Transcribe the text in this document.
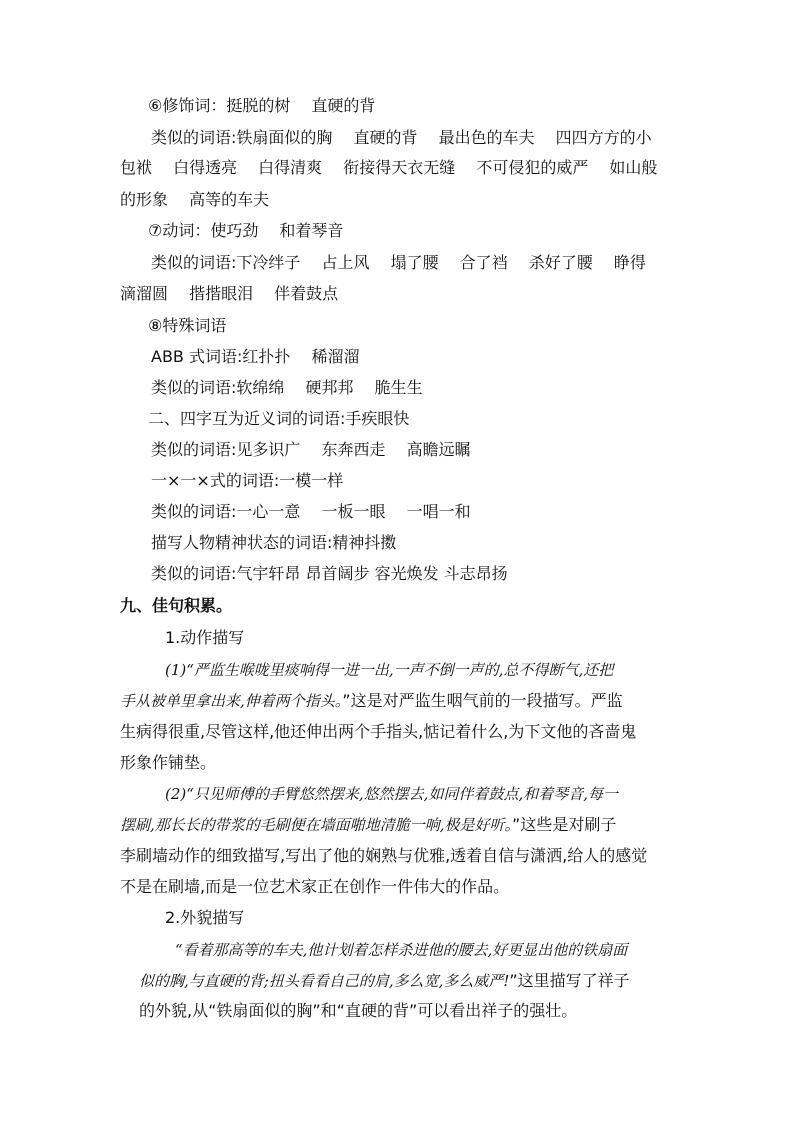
⑥修饰词：挺脱的树　 直硬的背
类似的词语:铁扇面似的胸　 直硬的背　 最出色的车夫　 四四方方的小
包袱　 白得透亮　 白得清爽　 衔接得天衣无缝　 不可侵犯的威严　 如山般
的形象　 高等的车夫
⑦动词：使巧劲　 和着琴音
类似的词语:下冷绊子　 占上风　 塌了腰　 合了裆　 杀好了腰　 睁得
滴溜圆　 揩揩眼泪　 伴着鼓点
⑧特殊词语
ABB 式词语:红扑扑　 稀溜溜
类似的词语:软绵绵　 硬邦邦　 脆生生
二、四字互为近义词的词语:手疾眼快
类似的词语:见多识广　 东奔西走　 高瞻远瞩
一×一×式的词语:一模一样
类似的词语:一心一意　 一板一眼　 一唱一和
描写人物精神状态的词语:精神抖擞
类似的词语:气宇轩昂 昂首阔步 容光焕发 斗志昂扬
九、佳句积累。
1.动作描写
(1)“严监生喉咙里痰响得一进一出,一声不倒一声的,总不得断气,还把
手从被单里拿出来,伸着两个指头。”这是对严监生咽气前的一段描写。严监
生病得很重,尽管这样,他还伸出两个手指头,惦记着什么,为下文他的吝啬鬼
形象作铺垫。
(2)“只见师傅的手臂悠然摆来,悠然摆去,如同伴着鼓点,和着琴音,每一
摆刷,那长长的带浆的毛刷便在墙面啪地清脆一响,极是好听。”这些是对刷子
李刷墙动作的细致描写,写出了他的娴熟与优雅,透着自信与潇洒,给人的感觉
不是在刷墙,而是一位艺术家正在创作一件伟大的作品。
2.外貌描写
“看着那高等的车夫,他计划着怎样杀进他的腰去,好更显出他的铁扇面
似的胸,与直硬的背;扭头看看自己的肩,多么宽,多么威严!”这里描写了祥子
的外貌,从“铁扇面似的胸”和“直硬的背”可以看出祥子的强壮。
